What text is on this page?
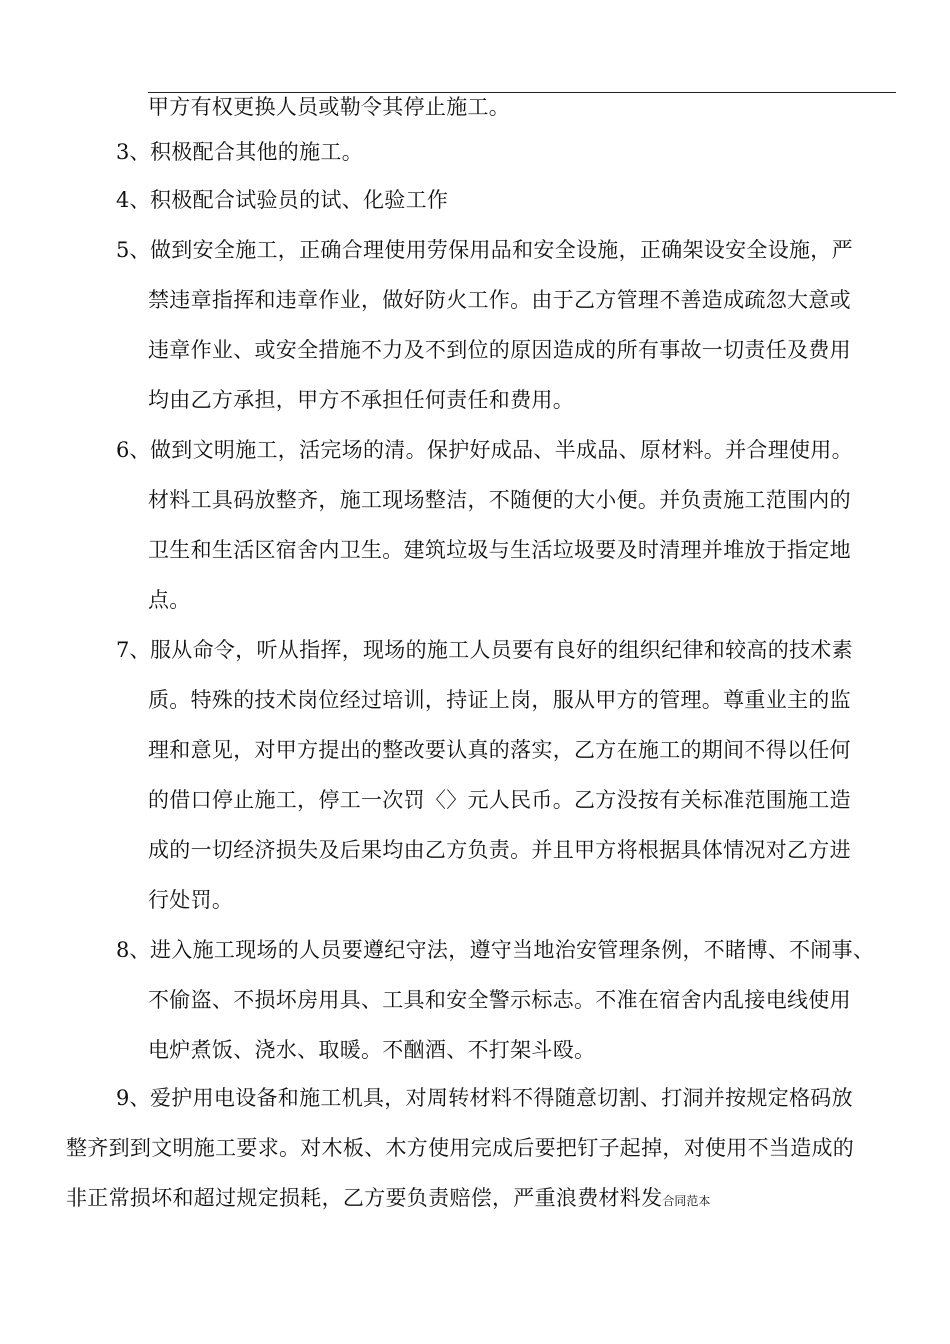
甲方有权更换人员或勒令其停止施工。
3、 积极配合其他的施工。
4、 积极配合试验员的试、化验工作
5、 做到安全施工，正确合理使用劳保用品和安全设施，正确架设安全设施，严
禁违章指挥和违章作业，做好防火工作。由于乙方管理不善造成疏忽大意或
违章作业、或安全措施不力及不到位的原因造成的所有事故一切责任及费用
均由乙方承担，甲方不承担任何责任和费用。
6、 做到文明施工，活完场的清。保护好成品、半成品、原材料。并合理使用。
材料工具码放整齐，施工现场整洁，不随便的大小便。并负责施工范围内的
卫生和生活区宿舍内卫生。建筑垃圾与生活垃圾要及时清理并堆放于指定地
点。
7、 服从命令，听从指挥，现场的施工人员要有良好的组织纪律和较高的技术素
质。特殊的技术岗位经过培训，持证上岗，服从甲方的管理。尊重业主的监
理和意见，对甲方提出的整改要认真的落实，乙方在施工的期间不得以任何
的借口停止施工，停工一次罚〈〉元人民币。乙方没按有关标准范围施工造
成的一切经济损失及后果均由乙方负责。并且甲方将根据具体情况对乙方进
行处罚。
8、 进入施工现场的人员要遵纪守法，遵守当地治安管理条例，不睹博、不闹事、
不偷盗、不损坏房用具、工具和安全警示标志。不准在宿舍内乱接电线使用
电炉煮饭、浇水、取暖。不酗酒、不打架斗殴。
9、 爱护用电设备和施工机具，对周转材料不得随意切割、打洞并按规定格码放
整齐到到文明施工要求。对木板、木方使用完成后要把钉子起掉，对使用不当造成的
非正常损坏和超过规定损耗，乙方要负责赔偿，严重浪费材料发合同范本
